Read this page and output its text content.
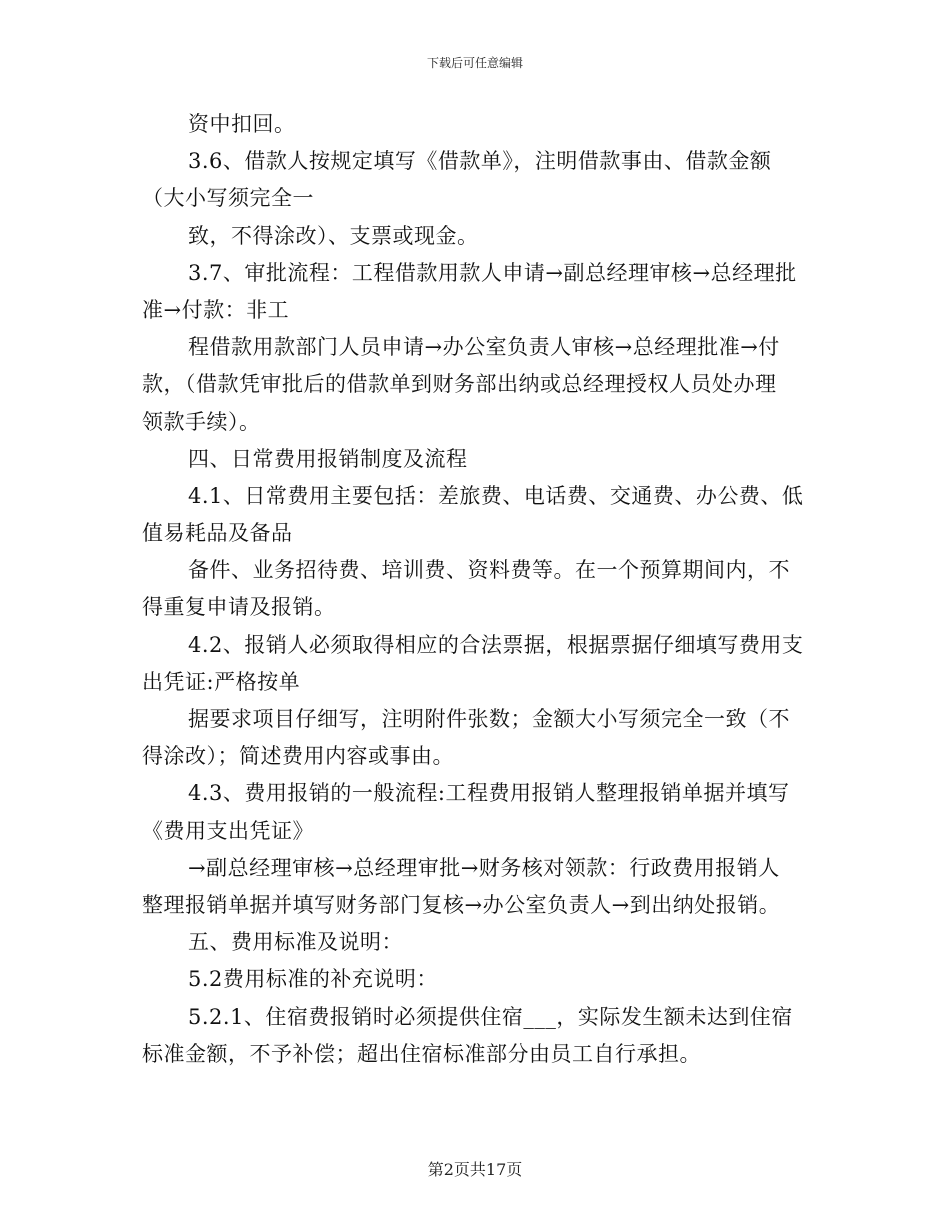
下载后可任意编辑
资中扣回。
3.6、借款人按规定填写《借款单》，注明借款事由、借款金额
（大小写须完全一
致，不得涂改）、支票或现金。
3.7、审批流程：工程借款用款人申请→副总经理审核→总经理批
准→付款：非工
程借款用款部门人员申请→办公室负责人审核→总经理批准→付
款，（借款凭审批后的借款单到财务部出纳或总经理授权人员处办理
领款手续）。
四、日常费用报销制度及流程
4.1、日常费用主要包括：差旅费、电话费、交通费、办公费、低
值易耗品及备品
备件、业务招待费、培训费、资料费等。在一个预算期间内，不
得重复申请及报销。
4.2、报销人必须取得相应的合法票据，根据票据仔细填写费用支
出凭证:严格按单
据要求项目仔细写，注明附件张数；金额大小写须完全一致（不
得涂改）；简述费用内容或事由。
4.3、费用报销的一般流程:工程费用报销人整理报销单据并填写
《费用支出凭证》
→副总经理审核→总经理审批→财务核对领款：行政费用报销人
整理报销单据并填写财务部门复核→办公室负责人→到出纳处报销。
五、费用标准及说明：
5.2费用标准的补充说明：
5.2.1、住宿费报销时必须提供住宿___，实际发生额未达到住宿
标准金额，不予补偿；超出住宿标准部分由员工自行承担。
第2页共17页
